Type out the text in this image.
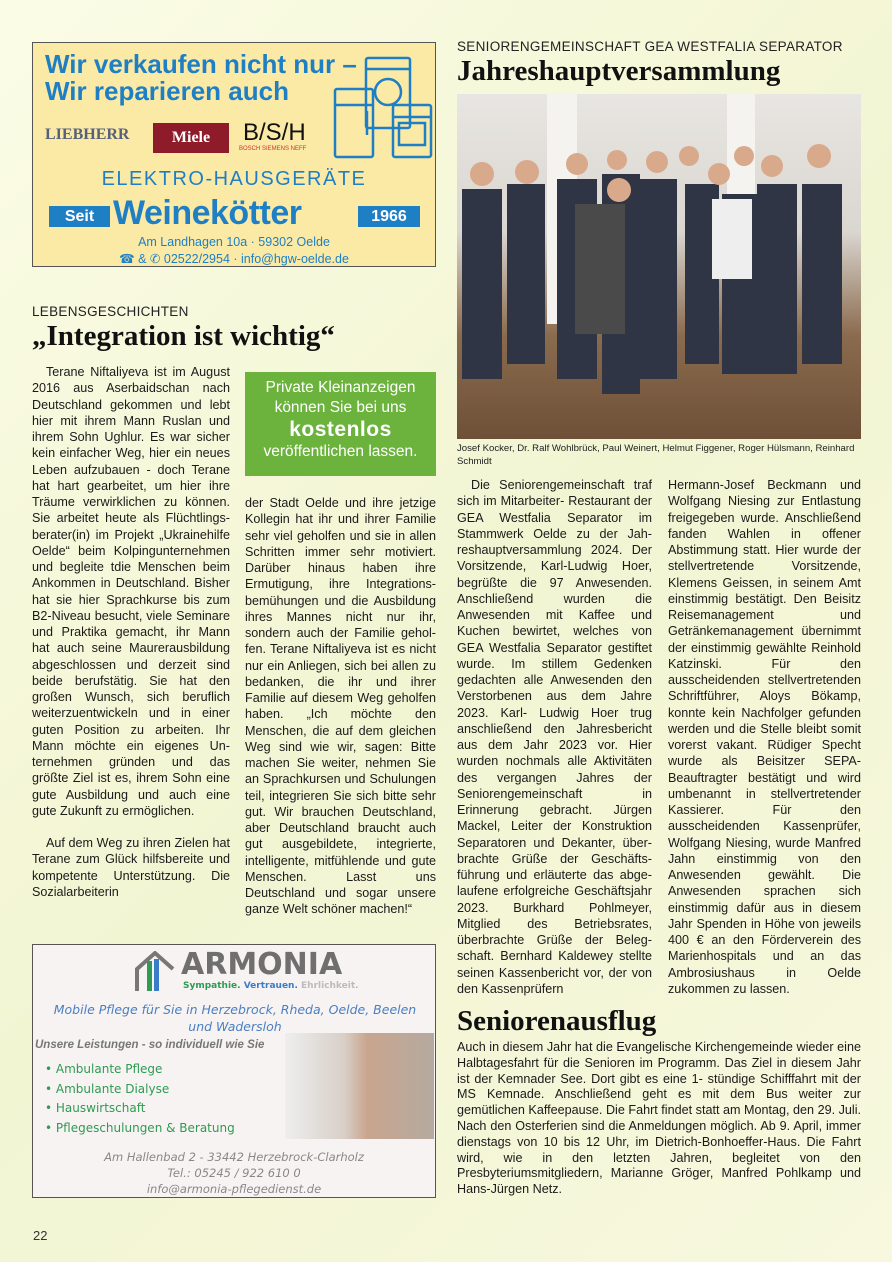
Wir verkaufen nicht nur –
Wir reparieren auch
LIEBHERR	Miele	B/S/H
BOSCH SIEMENS NEFF
ELEKTRO-HAUSGERÄTE
Seit Weinekötter	1966
Am Landhagen 10a · 59302 Oelde
☎ & ✆ 02522/2954 · info@hgw-oelde.de
LEBENSGESCHICHTEN
„Integration ist wichtig“

Terane Niftaliyeva ist im August 2016 aus Aserbaidschan nach Deutschland gekommen und lebt hier mit ihrem Mann Ruslan und ihrem Sohn Ughlur. Es war sicher kein einfacher Weg, hier ein neues Leben aufzubauen - doch Terane hat hart gearbeitet, um hier ihre Träume verwirklichen zu können. Sie arbeitet heute als Flüchtlingsberater(in) im Projekt „Ukrainehilfe Oelde“ beim Kolpingunternehmen und begleite tdie Menschen beim Ankommen in Deutschland. Bisher hat sie hier Sprachkurse bis zum B2-Niveau besucht, viele Seminare und Praktika gemacht, ihr Mann hat auch seine Maurerausbildung abgeschlossen und derzeit sind beide berufstätig. Sie hat den großen Wunsch, sich beruflich weiterzuentwickeln und in einer guten Position zu arbeiten. Ihr Mann möchte ein eigenes Unternehmen gründen und das größte Ziel ist es, ihrem Sohn eine gute Ausbildung und auch eine gute Zukunft zu ermöglichen.

Auf dem Weg zu ihren Zielen hat Terane zum Glück hilfsbereite und kompetente Unterstützung. Die Sozialarbeiterin

Private Kleinanzeigen
können Sie bei uns
kostenlos
veröffentlichen lassen.

der Stadt Oelde und ihre jetzige Kollegin hat ihr und ihrer Familie sehr viel geholfen und sie in allen Schritten immer sehr motiviert. Darüber hinaus haben ihre Ermutigung, ihre Integrationsbemühungen und die Ausbildung ihres Mannes nicht nur ihr, sondern auch der Familie geholfen. Terane Niftaliyeva ist es nicht nur ein Anliegen, sich bei allen zu bedanken, die ihr und ihrer Familie auf diesem Weg geholfen haben. „Ich möchte den Menschen, die auf dem gleichen Weg sind wie wir, sagen: Bitte machen Sie weiter, nehmen Sie an Sprachkursen und Schulungen teil, integrieren Sie sich bitte sehr gut. Wir brauchen Deutschland, aber Deutschland braucht auch gut ausgebildete, integrierte, intelligente, mitfühlende und gute Menschen. Lasst uns Deutschland und sogar unsere ganze Welt schöner machen!“

SENIORENGEMEINSCHAFT GEA WESTFALIA SEPARATOR
Jahreshauptversammlung
Josef Kocker, Dr. Ralf Wohlbrück, Paul Weinert, Helmut Figgener, Roger Hülsmann, Reinhard Schmidt

Die Seniorengemeinschaft traf sich im Mitarbeiter- Restaurant der GEA Westfalia Separator im Stammwerk Oelde zu der Jahreshauptversammlung 2024. Der Vorsitzende, Karl-Ludwig Hoer, begrüßte die 97 Anwesenden. Anschließend wurden die Anwesenden mit Kaffee und Kuchen bewirtet, welches von GEA Westfalia Separator gestiftet wurde. Im stillem Gedenken gedachten alle Anwesenden den Verstorbenen aus dem Jahre 2023. Karl- Ludwig Hoer trug anschließend den Jahresbericht aus dem Jahr 2023 vor. Hier wurden nochmals alle Aktivitäten des vergangen Jahres der Seniorengemeinschaft in Erinnerung gebracht. Jürgen Mackel, Leiter der Konstruktion Separatoren und Dekanter, überbrachte Grüße der Geschäftsführung und erläuterte das abgelaufene erfolgreiche Geschäftsjahr 2023. Burkhard Pohlmeyer, Mitglied des Betriebsrates, überbrachte Grüße der Belegschaft. Bernhard Kaldewey stellte seinen Kassenbericht vor, der von den Kassenprüfern

Hermann-Josef Beckmann und Wolfgang Niesing zur Entlastung freigegeben wurde. Anschließend fanden Wahlen in offener Abstimmung statt. Hier wurde der stellvertretende Vorsitzende, Klemens Geissen, in seinem Amt einstimmig bestätigt. Den Beisitz Reisemanagement und Getränkemanagement übernimmt der einstimmig gewählte Reinhold Katzinski. Für den ausscheidenden stellvertretenden Schriftführer, Aloys Bökamp, konnte kein Nachfolger gefunden werden und die Stelle bleibt somit vorerst vakant. Rüdiger Specht wurde als Beisitzer SEPA- Beauftragter bestätigt und wird umbenannt in stellvertretender Kassierer. Für den ausscheidenden Kassenprüfer, Wolfgang Niesing, wurde Manfred Jahn einstimmig von den Anwesenden gewählt. Die Anwesenden sprachen sich einstimmig dafür aus in diesem Jahr Spenden in Höhe von jeweils 400 € an den Förderverein des Marienhospitals und an das Ambrosiushaus in Oelde zukommen zu lassen.

Seniorenausflug

Auch in diesem Jahr hat die Evangelische Kirchengemeinde wieder eine Halbtagesfahrt für die Senioren im Programm. Das Ziel in diesem Jahr ist der Kemnader See. Dort gibt es eine 1- stündige Schifffahrt mit der MS Kemnade. Anschließend geht es mit dem Bus weiter zur gemütlichen Kaffeepause. Die Fahrt findet statt am Montag, den 29. Juli. Nach den Osterferien sind die Anmeldungen möglich. Ab 9. April, immer dienstags von 10 bis 12 Uhr, im Dietrich-Bonhoeffer-Haus. Die Fahrt wird, wie in den letzten Jahren, begleitet von den Presbyteriumsmitgliedern, Marianne Gröger, Manfred Pohlkamp und Hans-Jürgen Netz.

ARMONIA
Sympathie. Vertrauen. Ehrlichkeit.
Mobile Pflege für Sie in Herzebrock, Rheda, Oelde, Beelen und Wadersloh
Unsere Leistungen - so individuell wie Sie
• Ambulante Pflege
• Ambulante Dialyse
• Hauswirtschaft
• Pflegeschulungen & Beratung
Am Hallenbad 2 - 33442 Herzebrock-Clarholz
Tel.: 05245 / 922 610 0
info@armonia-pflegedienst.de
22
